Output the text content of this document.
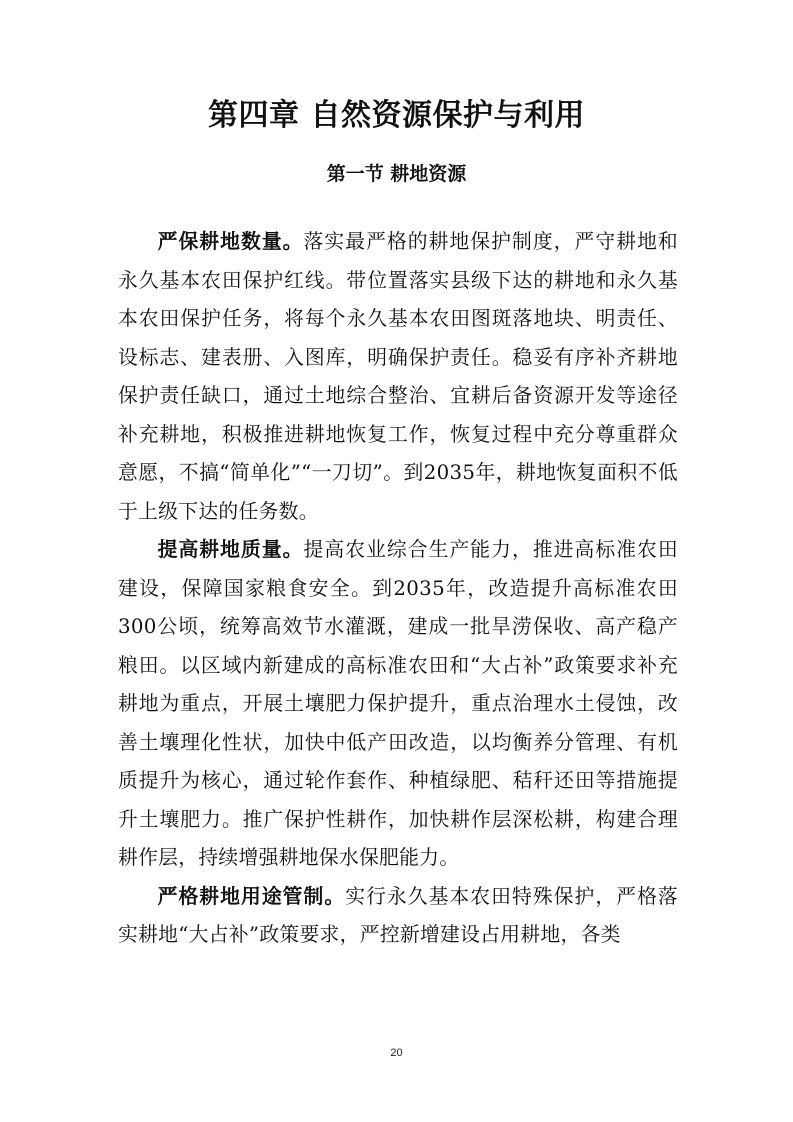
第四章 自然资源保护与利用
第一节 耕地资源

严保耕地数量。落实最严格的耕地保护制度，严守耕地和永久基本农田保护红线。带位置落实县级下达的耕地和永久基本农田保护任务，将每个永久基本农田图斑落地块、明责任、设标志、建表册、入图库，明确保护责任。稳妥有序补齐耕地保护责任缺口，通过土地综合整治、宜耕后备资源开发等途径补充耕地，积极推进耕地恢复工作，恢复过程中充分尊重群众意愿，不搞“简单化”“一刀切”。到2035年，耕地恢复面积不低于上级下达的任务数。

提高耕地质量。提高农业综合生产能力，推进高标准农田建设，保障国家粮食安全。到2035年，改造提升高标准农田300公顷，统筹高效节水灌溉，建成一批旱涝保收、高产稳产粮田。以区域内新建成的高标准农田和“大占补”政策要求补充耕地为重点，开展土壤肥力保护提升，重点治理水土侵蚀，改善土壤理化性状，加快中低产田改造，以均衡养分管理、有机质提升为核心，通过轮作套作、种植绿肥、秸秆还田等措施提升土壤肥力。推广保护性耕作，加快耕作层深松耕，构建合理耕作层，持续增强耕地保水保肥能力。

严格耕地用途管制。实行永久基本农田特殊保护，严格落实耕地“大占补”政策要求，严控新增建设占用耕地，各类

20
